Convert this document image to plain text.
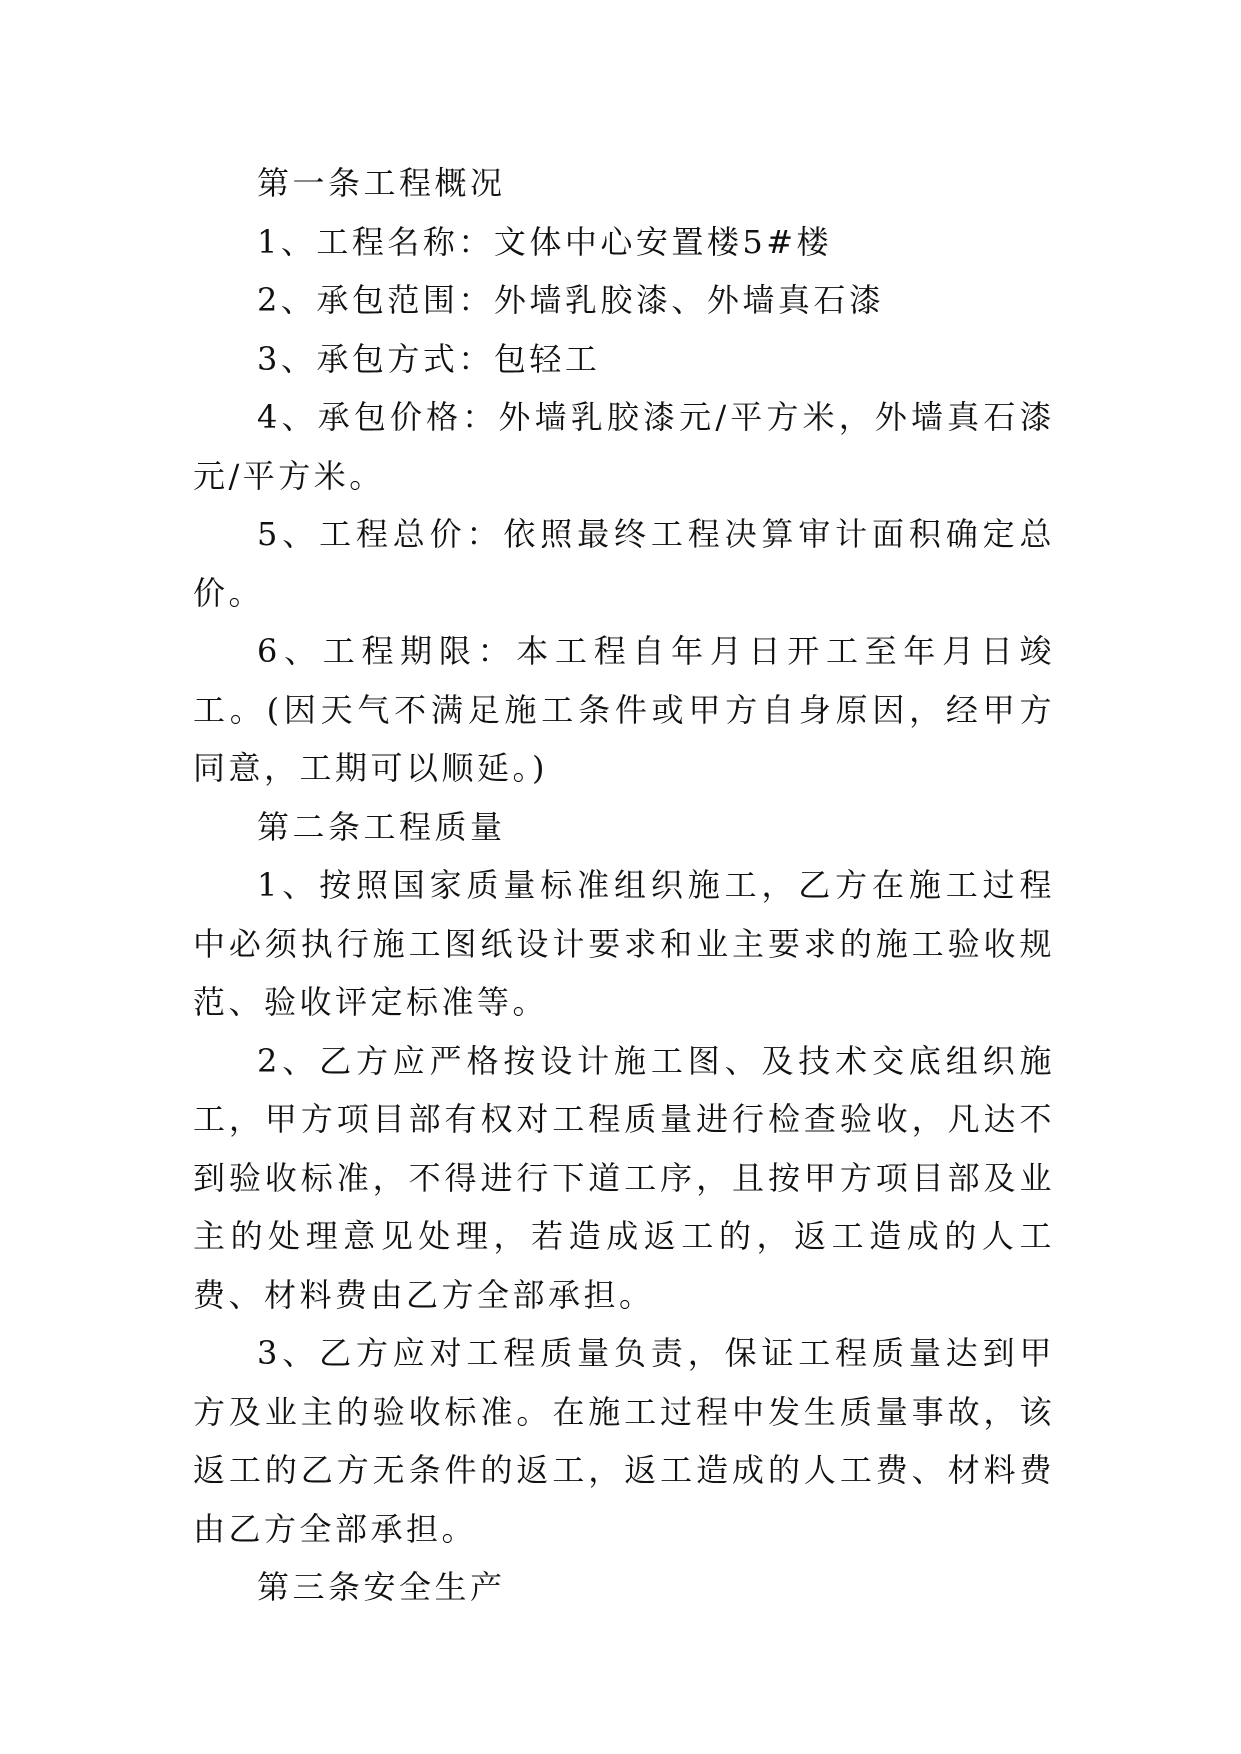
第一条工程概况

1、工程名称：文体中心安置楼5#楼

2、承包范围：外墙乳胶漆、外墙真石漆

3、承包方式：包轻工

4、承包价格：外墙乳胶漆元/平方米，外墙真石漆元/平方米。

5、工程总价：依照最终工程决算审计面积确定总价。

6、工程期限：本工程自年月日开工至年月日竣工。(因天气不满足施工条件或甲方自身原因，经甲方同意，工期可以顺延。)

第二条工程质量

1、按照国家质量标准组织施工，乙方在施工过程中必须执行施工图纸设计要求和业主要求的施工验收规范、验收评定标准等。

2、乙方应严格按设计施工图、及技术交底组织施工，甲方项目部有权对工程质量进行检查验收，凡达不到验收标准，不得进行下道工序，且按甲方项目部及业主的处理意见处理，若造成返工的，返工造成的人工费、材料费由乙方全部承担。

3、乙方应对工程质量负责，保证工程质量达到甲方及业主的验收标准。在施工过程中发生质量事故，该返工的乙方无条件的返工，返工造成的人工费、材料费由乙方全部承担。

第三条安全生产
